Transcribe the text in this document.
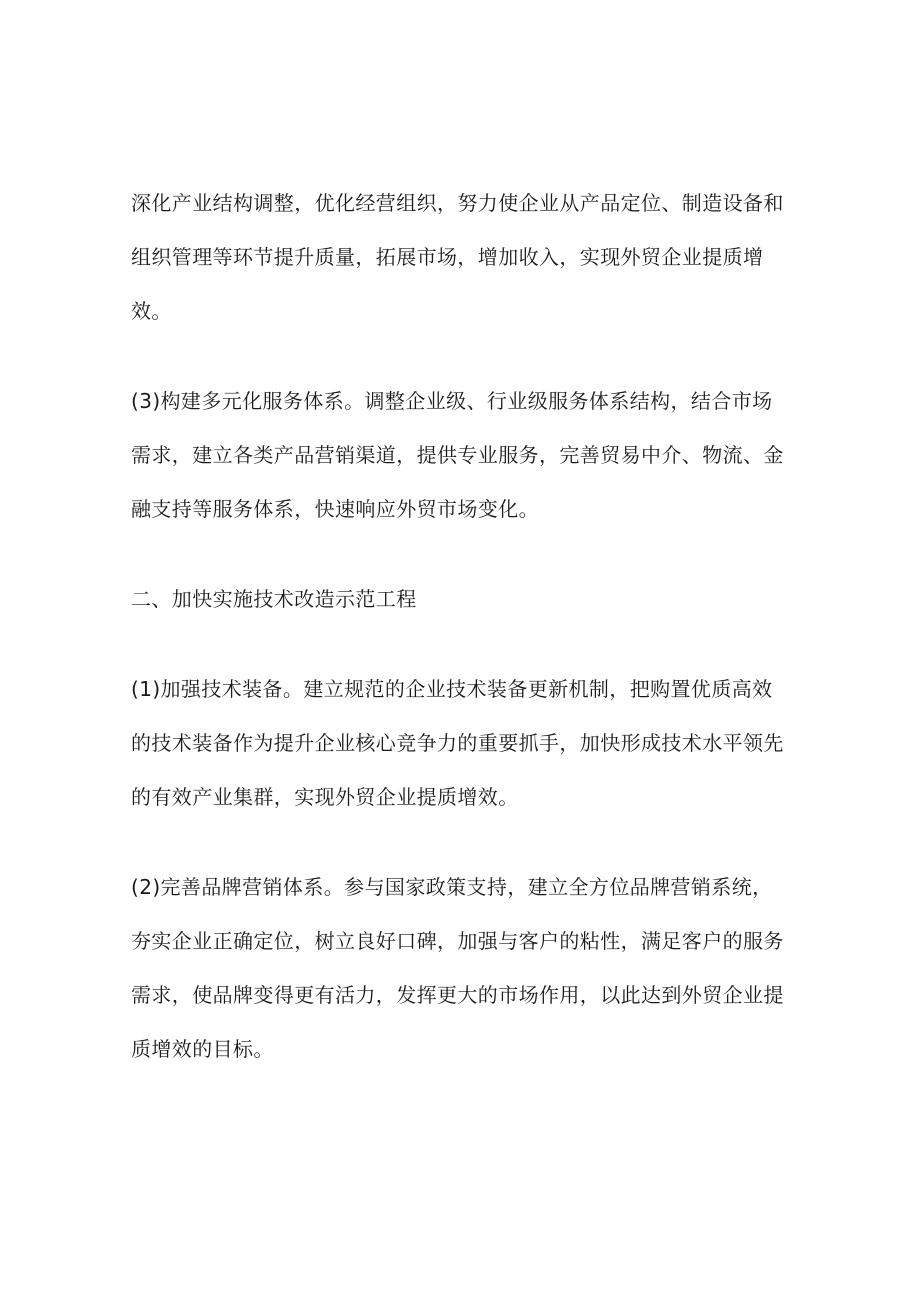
深化产业结构调整，优化经营组织，努力使企业从产品定位、制造设备和组织管理等环节提升质量，拓展市场，增加收入，实现外贸企业提质增效。

(3)构建多元化服务体系。调整企业级、行业级服务体系结构，结合市场需求，建立各类产品营销渠道，提供专业服务，完善贸易中介、物流、金融支持等服务体系，快速响应外贸市场变化。

二、加快实施技术改造示范工程

(1)加强技术装备。建立规范的企业技术装备更新机制，把购置优质高效的技术装备作为提升企业核心竞争力的重要抓手，加快形成技术水平领先的有效产业集群，实现外贸企业提质增效。

(2)完善品牌营销体系。参与国家政策支持，建立全方位品牌营销系统，夯实企业正确定位，树立良好口碑，加强与客户的粘性，满足客户的服务需求，使品牌变得更有活力，发挥更大的市场作用，以此达到外贸企业提质增效的目标。
